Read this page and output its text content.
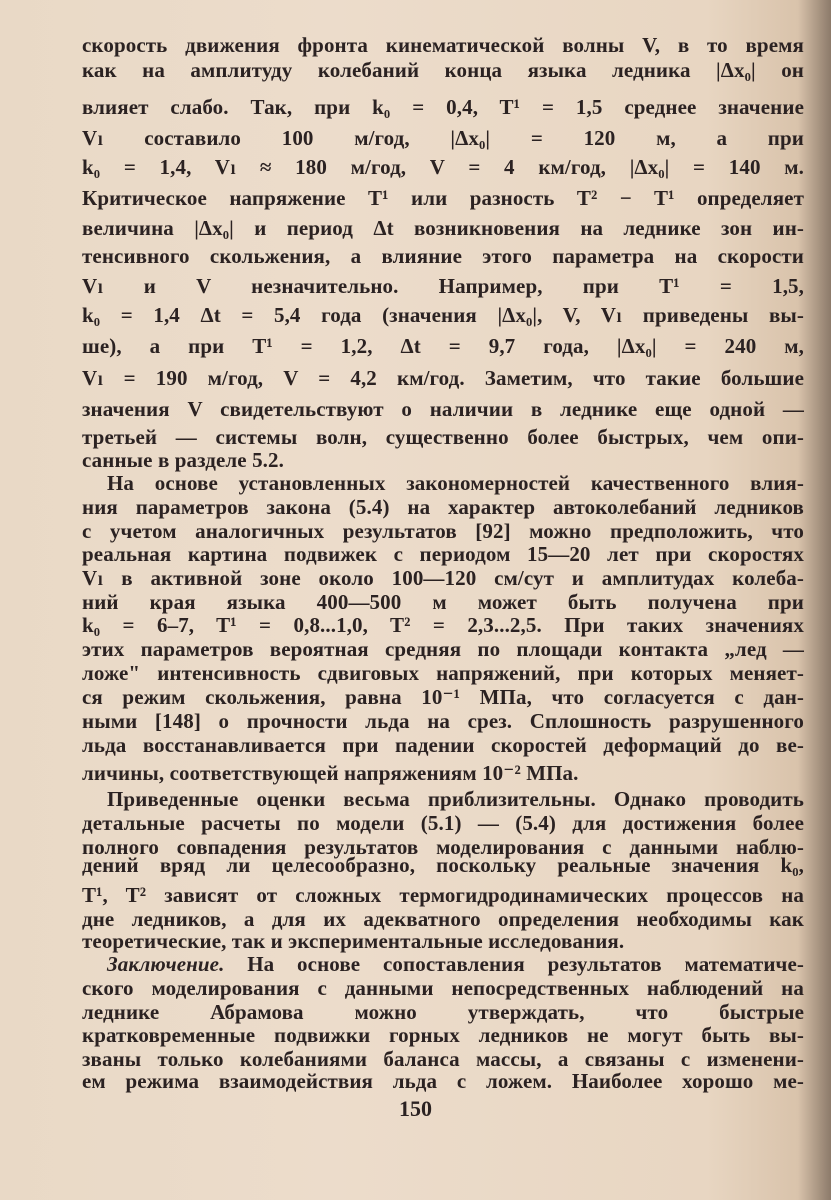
скорость движения фронта кинематической волны V, в то время
как на амплитуду колебаний конца языка ледника |Δx₀| он
влияет слабо. Так, при k₀ = 0,4, T¹ = 1,5 среднее значение
Vₗ составило 100 м/год, |Δx₀| = 120 м, а при
k₀ = 1,4, Vₗ ≈ 180 м/год, V = 4 км/год, |Δx₀| = 140 м.
Критическое напряжение T¹ или разность T² − T¹ определяет
величина |Δx₀| и период Δt возникновения на леднике зон ин-
тенсивного скольжения, а влияние этого параметра на скорости
Vₗ и V незначительно. Например, при T¹ = 1,5,
k₀ = 1,4 Δt = 5,4 года (значения |Δx₀|, V, Vₗ приведены вы-
ше), а при T¹ = 1,2, Δt = 9,7 года, |Δx₀| = 240 м,
Vₗ = 190 м/год, V = 4,2 км/год. Заметим, что такие большие
значения V свидетельствуют о наличии в леднике еще одной —
третьей — системы волн, существенно более быстрых, чем опи-
санные в разделе 5.2.
На основе установленных закономерностей качественного влия-
ния параметров закона (5.4) на характер автоколебаний ледников
с учетом аналогичных результатов [92] можно предположить, что
реальная картина подвижек с периодом 15—20 лет при скоростях
Vₗ в активной зоне около 100—120 см/сут и амплитудах колеба-
ний края языка 400—500 м может быть получена при
k₀ = 6–7, T¹ = 0,8...1,0, T² = 2,3...2,5. При таких значениях
этих параметров вероятная средняя по площади контакта „лед —
ложе" интенсивность сдвиговых напряжений, при которых меняет-
ся режим скольжения, равна 10⁻¹ МПа, что согласуется с дан-
ными [148] о прочности льда на срез. Сплошность разрушенного
льда восстанавливается при падении скоростей деформаций до ве-
личины, соответствующей напряжениям 10⁻² МПа.
Приведенные оценки весьма приблизительны. Однако проводить
детальные расчеты по модели (5.1) — (5.4) для достижения более
полного совпадения результатов моделирования с данными наблю-
дений вряд ли целесообразно, поскольку реальные значения k₀,
T¹, T² зависят от сложных термогидродинамических процессов на
дне ледников, а для их адекватного определения необходимы как
теоретические, так и экспериментальные исследования.
Заключение. На основе сопоставления результатов математиче-
ского моделирования с данными непосредственных наблюдений на
леднике Абрамова можно утверждать, что быстрые
кратковременные подвижки горных ледников не могут быть вы-
званы только колебаниями баланса массы, а связаны с изменени-
ем режима взаимодействия льда с ложем. Наиболее хорошо ме-
150
